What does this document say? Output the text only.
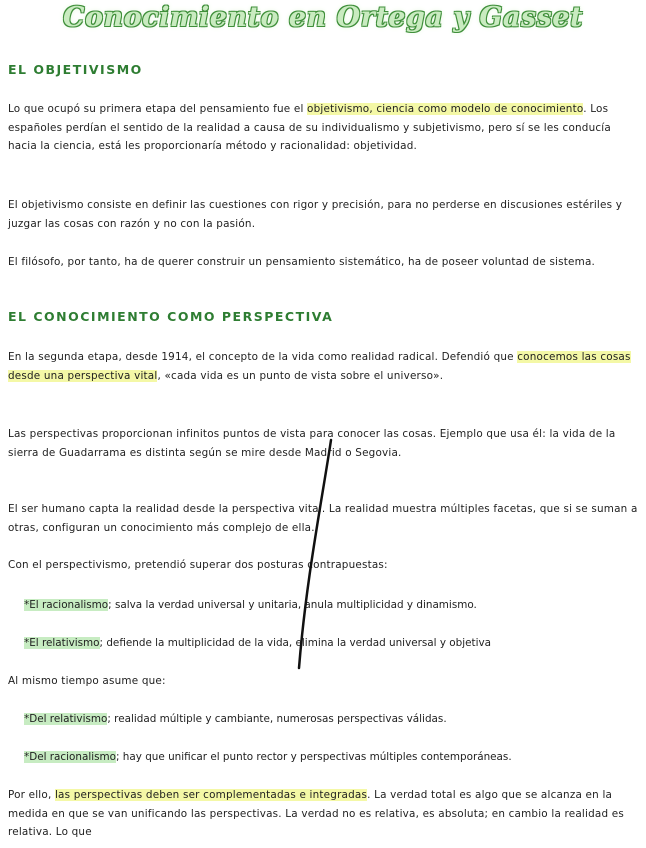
Conocimiento en Ortega y Gasset
EL OBJETIVISMO
Lo que ocupó su primera etapa del pensamiento fue el objetivismo, ciencia como modelo de conocimiento. Los españoles perdían el sentido de la realidad a causa de su individualismo y subjetivismo, pero sí se les conducía hacia la ciencia, está les proporcionaría método y racionalidad: objetividad.
El objetivismo consiste en definir las cuestiones con rigor y precisión, para no perderse en discusiones estériles y juzgar las cosas con razón y no con la pasión.
El filósofo, por tanto, ha de querer construir un pensamiento sistemático, ha de poseer voluntad de sistema.
EL CONOCIMIENTO COMO PERSPECTIVA
En la segunda etapa, desde 1914, el concepto de la vida como realidad radical. Defendió que conocemos las cosas desde una perspectiva vital, «cada vida es un punto de vista sobre el universo».
Las perspectivas proporcionan infinitos puntos de vista para conocer las cosas. Ejemplo que usa él: la vida de la sierra de Guadarrama es distinta según se mire desde Madrid o Segovia.
El ser humano capta la realidad desde la perspectiva vital. La realidad muestra múltiples facetas, que si se suman a otras, configuran un conocimiento más complejo de ella.
Con el perspectivismo, pretendió superar dos posturas contrapuestas:
*El racionalismo; salva la verdad universal y unitaria, anula multiplicidad y dinamismo.
*El relativismo; defiende la multiplicidad de la vida, elimina la verdad universal y objetiva
Al mismo tiempo asume que:
*Del relativismo; realidad múltiple y cambiante, numerosas perspectivas válidas.
*Del racionalismo; hay que unificar el punto rector y perspectivas múltiples contemporáneas.
Por ello, las perspectivas deben ser complementadas e integradas. La verdad total es algo que se alcanza en la medida en que se van unificando las perspectivas. La verdad no es relativa, es absoluta; en cambio la realidad es relativa. Lo que
